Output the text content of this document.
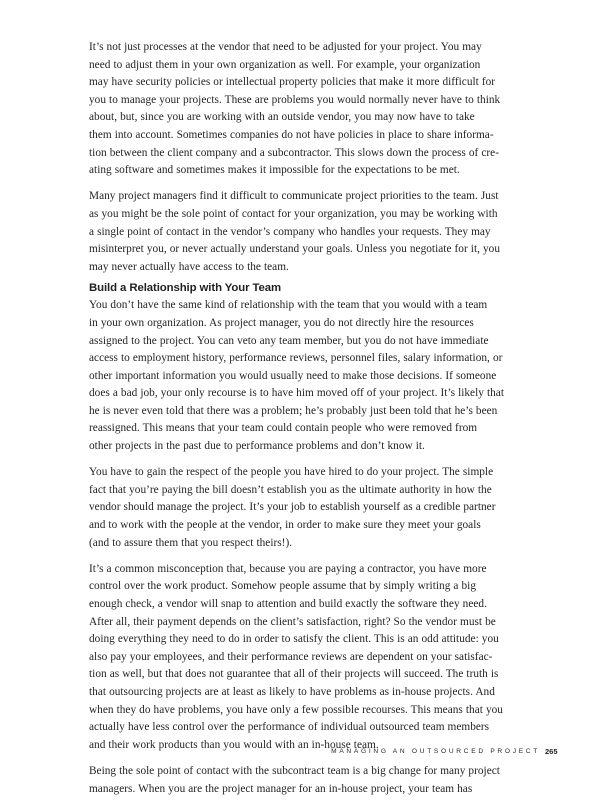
It’s not just processes at the vendor that need to be adjusted for your project. You may
need to adjust them in your own organization as well. For example, your organization
may have security policies or intellectual property policies that make it more difficult for
you to manage your projects. These are problems you would normally never have to think
about, but, since you are working with an outside vendor, you may now have to take
them into account. Sometimes companies do not have policies in place to share informa-
tion between the client company and a subcontractor. This slows down the process of cre-
ating software and sometimes makes it impossible for the expectations to be met.

Many project managers find it difficult to communicate project priorities to the team. Just
as you might be the sole point of contact for your organization, you may be working with
a single point of contact in the vendor’s company who handles your requests. They may
misinterpret you, or never actually understand your goals. Unless you negotiate for it, you
may never actually have access to the team.

Build a Relationship with Your Team

You don’t have the same kind of relationship with the team that you would with a team
in your own organization. As project manager, you do not directly hire the resources
assigned to the project. You can veto any team member, but you do not have immediate
access to employment history, performance reviews, personnel files, salary information, or
other important information you would usually need to make those decisions. If someone
does a bad job, your only recourse is to have him moved off of your project. It’s likely that
he is never even told that there was a problem; he’s probably just been told that he’s been
reassigned. This means that your team could contain people who were removed from
other projects in the past due to performance problems and don’t know it.

You have to gain the respect of the people you have hired to do your project. The simple
fact that you’re paying the bill doesn’t establish you as the ultimate authority in how the
vendor should manage the project. It’s your job to establish yourself as a credible partner
and to work with the people at the vendor, in order to make sure they meet your goals
(and to assure them that you respect theirs!).

It’s a common misconception that, because you are paying a contractor, you have more
control over the work product. Somehow people assume that by simply writing a big
enough check, a vendor will snap to attention and build exactly the software they need.
After all, their payment depends on the client’s satisfaction, right? So the vendor must be
doing everything they need to do in order to satisfy the client. This is an odd attitude: you
also pay your employees, and their performance reviews are dependent on your satisfac-
tion as well, but that does not guarantee that all of their projects will succeed. The truth is
that outsourcing projects are at least as likely to have problems as in-house projects. And
when they do have problems, you have only a few possible recourses. This means that you
actually have less control over the performance of individual outsourced team members
and their work products than you would with an in-house team.

Being the sole point of contact with the subcontract team is a big change for many project
managers. When you are the project manager for an in-house project, your team has

MANAGING AN OUTSOURCED PROJECT 265
